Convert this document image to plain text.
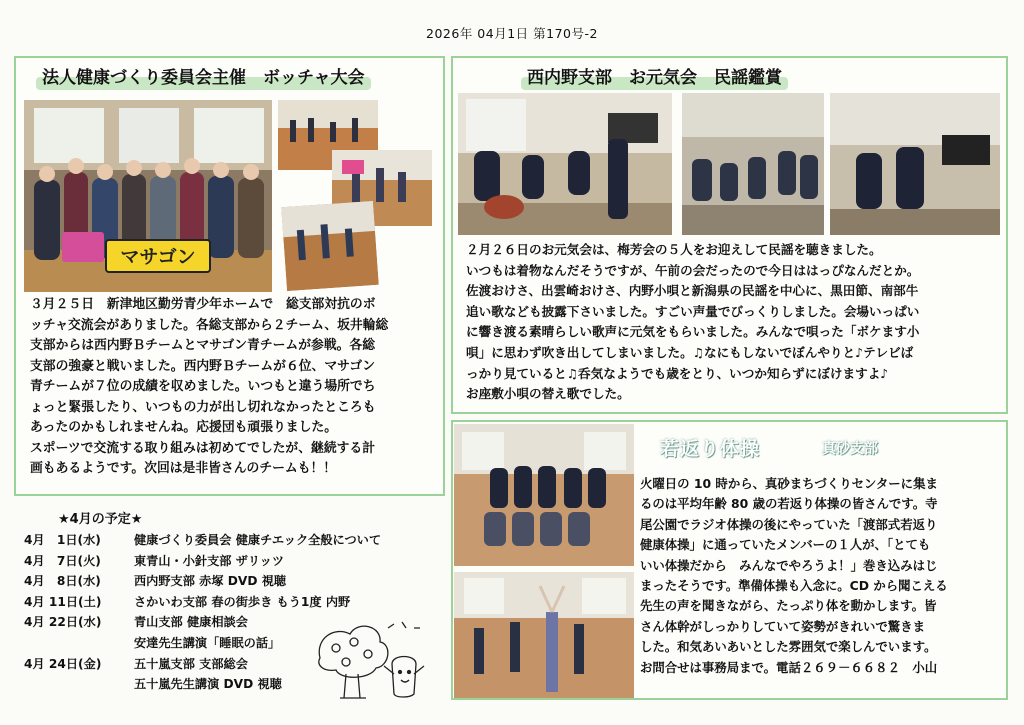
2026年 04月1日 第170号-2
法人健康づくり委員会主催　ボッチャ大会
マサゴン

３月２５日　新津地区勤労青少年ホームで　総支部対抗のボ

ッチャ交流会がありました。各総支部から２チーム、坂井輪総

支部からは西内野Ｂチームとマサゴン青チームが参戦。各総

支部の強豪と戦いました。西内野Ｂチームが６位、マサゴン

青チームが７位の成績を収めました。いつもと違う場所でち

ょっと緊張したり、いつもの力が出し切れなかったところも

あったのかもしれませんね。応援団も頑張りました。

スポーツで交流する取り組みは初めてでしたが、継続する計

画もあるようです。次回は是非皆さんのチームも！！

★4月の予定★
4月　1日(水)	健康づくり委員会 健康チエック全般について
4月　7日(火)	東青山・小針支部 ザリッツ
4月　8日(水)	西内野支部 赤塚 DVD 視聴
4月 11日(土)	さかいわ支部 春の街歩き もう1度 内野
4月 22日(水)	青山支部 健康相談会
安達先生講演「睡眠の話」
4月 24日(金)	五十嵐支部 支部総会
五十嵐先生講演 DVD 視聴
西内野支部　お元気会　民謡鑑賞

２月２６日のお元気会は、梅芳会の５人をお迎えして民謡を聴きました。

いつもは着物なんだそうですが、午前の会だったので今日ははっぴなんだとか。

佐渡おけさ、出雲崎おけさ、内野小唄と新潟県の民謡を中心に、黒田節、南部牛

追い歌なども披露下さいました。すごい声量でびっくりしました。会場いっぱい

に響き渡る素晴らしい歌声に元気をもらいました。みんなで唄った「ボケます小

唄」に思わず吹き出してしまいました。♫なにもしないでぼんやりと♪テレビば

っかり見ていると♫呑気なようでも歳をとり、いつか知らずにぼけますよ♪

お座敷小唄の替え歌でした。

若返り体操	真砂支部

火曜日の 10 時から、真砂まちづくりセンターに集ま

るのは平均年齢 80 歳の若返り体操の皆さんです。寺

尾公園でラジオ体操の後にやっていた「渡部式若返り

健康体操」に通っていたメンバーの１人が、「とても

いい体操だから　みんなでやろうよ！」巻き込みはじ

まったそうです。準備体操も入念に。CD から聞こえる

先生の声を聞きながら、たっぷり体を動かします。皆

さん体幹がしっかりしていて姿勢がきれいで驚きま

した。和気あいあいとした雰囲気で楽しんでいます。

お問合せは事務局まで。電話２６９－６６８２　小山
